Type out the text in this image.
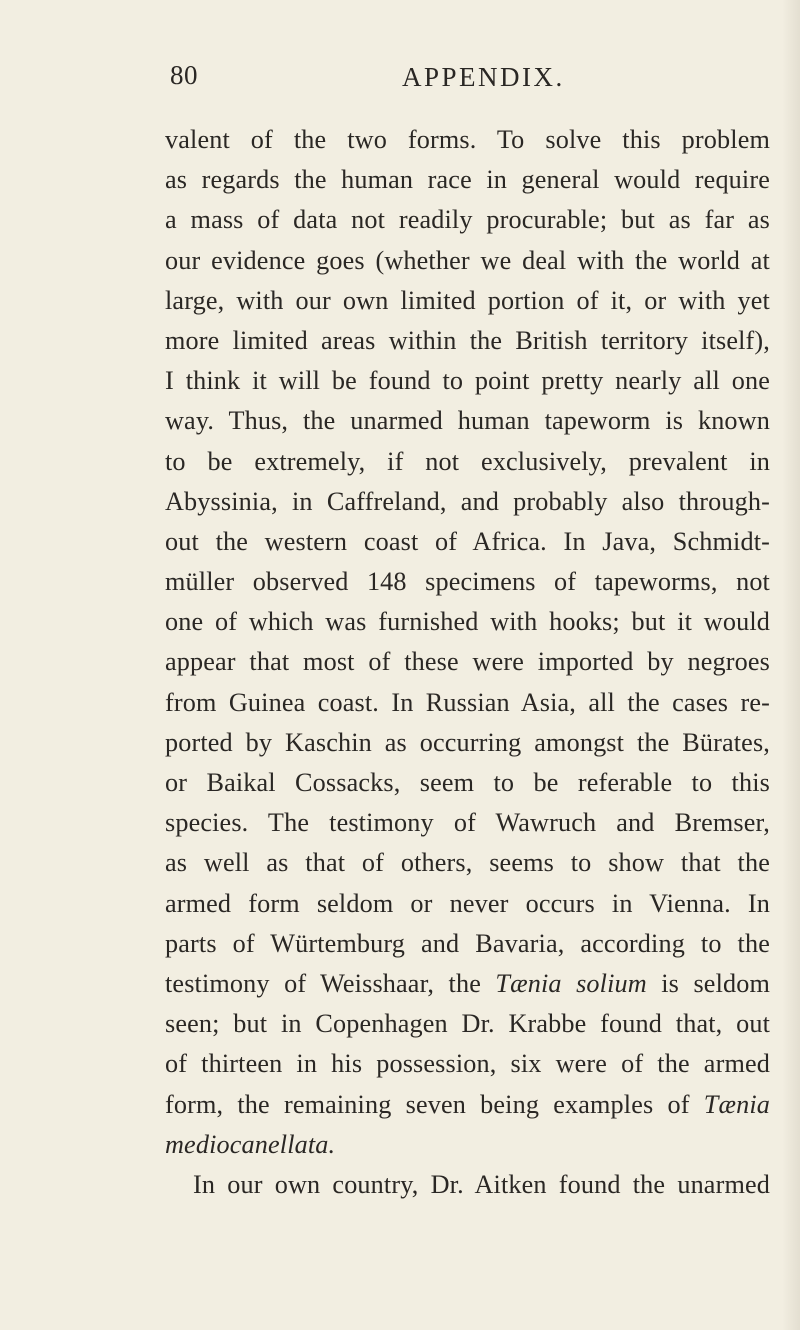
80	APPENDIX.
valent of the two forms. To solve this problem
as regards the human race in general would require
a mass of data not readily procurable; but as far as
our evidence goes (whether we deal with the world at
large, with our own limited portion of it, or with yet
more limited areas within the British territory itself),
I think it will be found to point pretty nearly all one
way. Thus, the unarmed human tapeworm is known
to be extremely, if not exclusively, prevalent in
Abyssinia, in Caffreland, and probably also through-
out the western coast of Africa. In Java, Schmidt-
müller observed 148 specimens of tapeworms, not
one of which was furnished with hooks; but it would
appear that most of these were imported by negroes
from Guinea coast. In Russian Asia, all the cases re-
ported by Kaschin as occurring amongst the Bürates,
or Baikal Cossacks, seem to be referable to this
species. The testimony of Wawruch and Bremser,
as well as that of others, seems to show that the
armed form seldom or never occurs in Vienna. In
parts of Würtemburg and Bavaria, according to the
testimony of Weisshaar, the Tænia solium is seldom
seen; but in Copenhagen Dr. Krabbe found that, out
of thirteen in his possession, six were of the armed
form, the remaining seven being examples of Tænia
mediocanellata.
In our own country, Dr. Aitken found the unarmed
